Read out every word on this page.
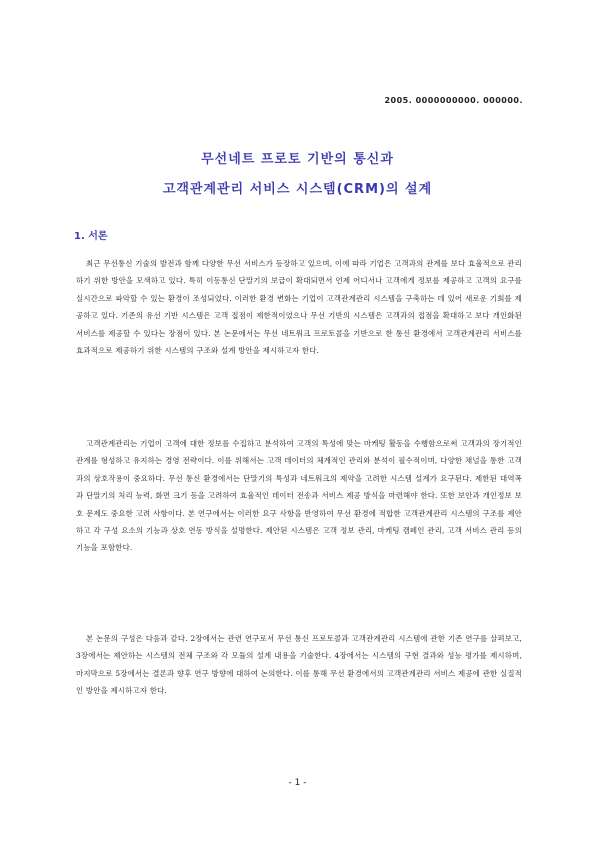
2005. 0000000000. 000000.
무선네트 프로토 기반의 통신과
고객관계관리 서비스 시스템(CRM)의 설계
1. 서론

최근 무선통신 기술의 발전과 함께 다양한 무선 서비스가 등장하고 있으며, 이에 따라 기업은 고객과의 관계를 보다 효율적으로 관리하기 위한 방안을 모색하고 있다. 특히 이동통신 단말기의 보급이 확대되면서 언제 어디서나 고객에게 정보를 제공하고 고객의 요구를 실시간으로 파악할 수 있는 환경이 조성되었다. 이러한 환경 변화는 기업이 고객관계관리 시스템을 구축하는 데 있어 새로운 기회를 제공하고 있다. 기존의 유선 기반 시스템은 고객 접점이 제한적이었으나 무선 기반의 시스템은 고객과의 접점을 확대하고 보다 개인화된 서비스를 제공할 수 있다는 장점이 있다. 본 논문에서는 무선 네트워크 프로토콜을 기반으로 한 통신 환경에서 고객관계관리 서비스를 효과적으로 제공하기 위한 시스템의 구조와 설계 방안을 제시하고자 한다.

고객관계관리는 기업이 고객에 대한 정보를 수집하고 분석하여 고객의 특성에 맞는 마케팅 활동을 수행함으로써 고객과의 장기적인 관계를 형성하고 유지하는 경영 전략이다. 이를 위해서는 고객 데이터의 체계적인 관리와 분석이 필수적이며, 다양한 채널을 통한 고객과의 상호작용이 중요하다. 무선 통신 환경에서는 단말기의 특성과 네트워크의 제약을 고려한 시스템 설계가 요구된다. 제한된 대역폭과 단말기의 처리 능력, 화면 크기 등을 고려하여 효율적인 데이터 전송과 서비스 제공 방식을 마련해야 한다. 또한 보안과 개인정보 보호 문제도 중요한 고려 사항이다. 본 연구에서는 이러한 요구 사항을 반영하여 무선 환경에 적합한 고객관계관리 시스템의 구조를 제안하고 각 구성 요소의 기능과 상호 연동 방식을 설명한다. 제안된 시스템은 고객 정보 관리, 마케팅 캠페인 관리, 고객 서비스 관리 등의 기능을 포함한다.

본 논문의 구성은 다음과 같다. 2장에서는 관련 연구로서 무선 통신 프로토콜과 고객관계관리 시스템에 관한 기존 연구를 살펴보고, 3장에서는 제안하는 시스템의 전체 구조와 각 모듈의 설계 내용을 기술한다. 4장에서는 시스템의 구현 결과와 성능 평가를 제시하며, 마지막으로 5장에서는 결론과 향후 연구 방향에 대하여 논의한다. 이를 통해 무선 환경에서의 고객관계관리 서비스 제공에 관한 실질적인 방안을 제시하고자 한다.

- 1 -
